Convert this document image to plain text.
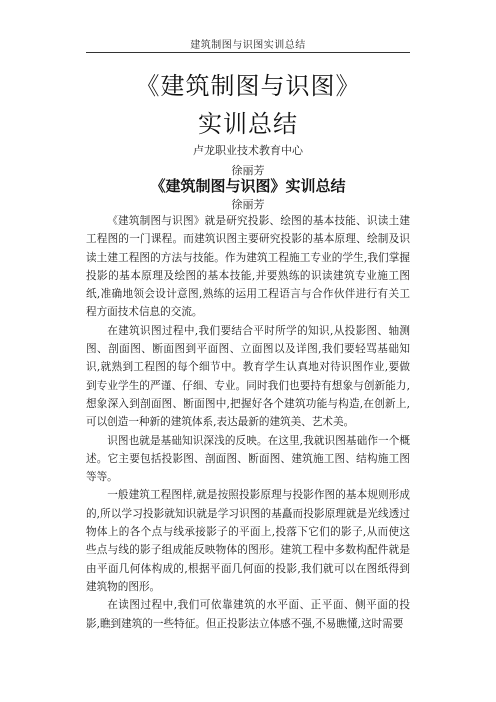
建筑制图与识图实训总结
《建筑制图与识图》
实训总结
卢龙职业技术教育中心
徐丽芳
《建筑制图与识图》实训总结
徐丽芳

《建筑制图与识图》就是研究投影、绘图的基本技能、识读土建工程图的一门课程。而建筑识图主要研究投影的基本原理、绘制及识读土建工程图的方法与技能。作为建筑工程施工专业的学生,我们掌握投影的基本原理及绘图的基本技能,并要熟练的识读建筑专业施工图纸,准确地领会设计意图,熟练的运用工程语言与合作伙伴进行有关工程方面技术信息的交流。

在建筑识图过程中,我们要结合平时所学的知识,从投影图、轴测图、剖面图、断面图到平面图、立面图以及详图,我们要轻骂基础知识,就熟到工程图的每个细节中。教育学生认真地对待识图作业,要做到专业学生的严谨、仔细、专业。同时我们也要持有想象与创新能力,想象深入到剖面图、断面图中,把握好各个建筑功能与构造,在创新上,可以创造一种新的建筑体系,表达最新的建筑美、艺术美。

识图也就是基础知识深浅的反映。在这里,我就识图基础作一个概述。它主要包括投影图、剖面图、断面图、建筑施工图、结构施工图等等。

一般建筑工程图样,就是按照投影原理与投影作图的基本规则形成的,所以学习投影就知识就是学习识图的基矗而投影原理就是光线透过物体上的各个点与线承接影子的平面上,投落下它们的影子,从而使这些点与线的影子组成能反映物体的图形。建筑工程中多数构配件就是由平面几何体构成的,根据平面几何面的投影,我们就可以在图纸得到建筑物的图形。

在读图过程中,我们可依靠建筑的水平面、正平面、侧平面的投影,瞧到建筑的一些特征。但正投影法立体感不强,不易瞧懂,这时需要
